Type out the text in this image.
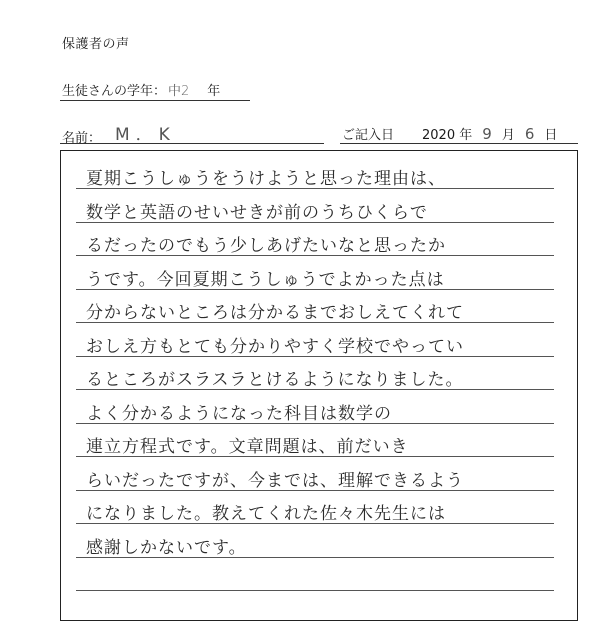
保護者の声
生徒さんの学年： 中2 年
名前： M．K	ご記入日 2020 年 9 月 6 日
夏期こうしゅうをうけようと思った理由は、
数学と英語のせいせきが前のうちひくらで
るだったのでもう少しあげたいなと思ったか
うです。今回夏期こうしゅうでよかった点は
分からないところは分かるまでおしえてくれて
おしえ方もとても分かりやすく学校でやってい
るところがスラスラとけるようになりました。
よく分かるようになった科目は数学の
連立方程式です。文章問題は、前だいき
らいだったですが、今までは、理解できるよう
になりました。教えてくれた佐々木先生には
感謝しかないです。
